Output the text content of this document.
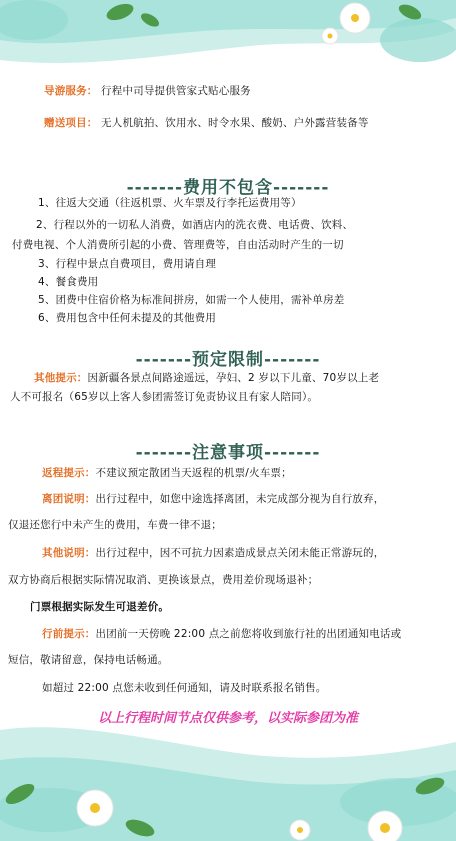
导游服务： 行程中司导提供管家式贴心服务
赠送项目： 无人机航拍、饮用水、时令水果、酸奶、户外露营装备等
-------费用不包含-------
1、往返大交通（往返机票、火车票及行李托运费用等）
2、行程以外的一切私人消费，如酒店内的洗衣费、电话费、饮料、
付费电视、个人消费所引起的小费、管理费等，自由活动时产生的一切
3、行程中景点自费项目，费用请自理
4、餐食费用
5、团费中住宿价格为标准间拼房，如需一个人使用，需补单房差
6、费用包含中任何未提及的其他费用
-------预定限制-------
其他提示：因新疆各景点间路途遥远，孕妇、2 岁以下儿童、70岁以上老
人不可报名（65岁以上客人参团需签订免责协议且有家人陪同）。
-------注意事项-------
返程提示：不建议预定散团当天返程的机票/火车票；
离团说明：出行过程中，如您中途选择离团，未完成部分视为自行放弃，
仅退还您行中未产生的费用，车费一律不退；
其他说明：出行过程中，因不可抗力因素造成景点关闭未能正常游玩的，
双方协商后根据实际情况取消、更换该景点，费用差价现场退补；
门票根据实际发生可退差价。
行前提示：出团前一天傍晚 22:00 点之前您将收到旅行社的出团通知电话或
短信，敬请留意，保持电话畅通。
如超过 22:00 点您未收到任何通知，请及时联系报名销售。
以上行程时间节点仅供参考，以实际参团为准
